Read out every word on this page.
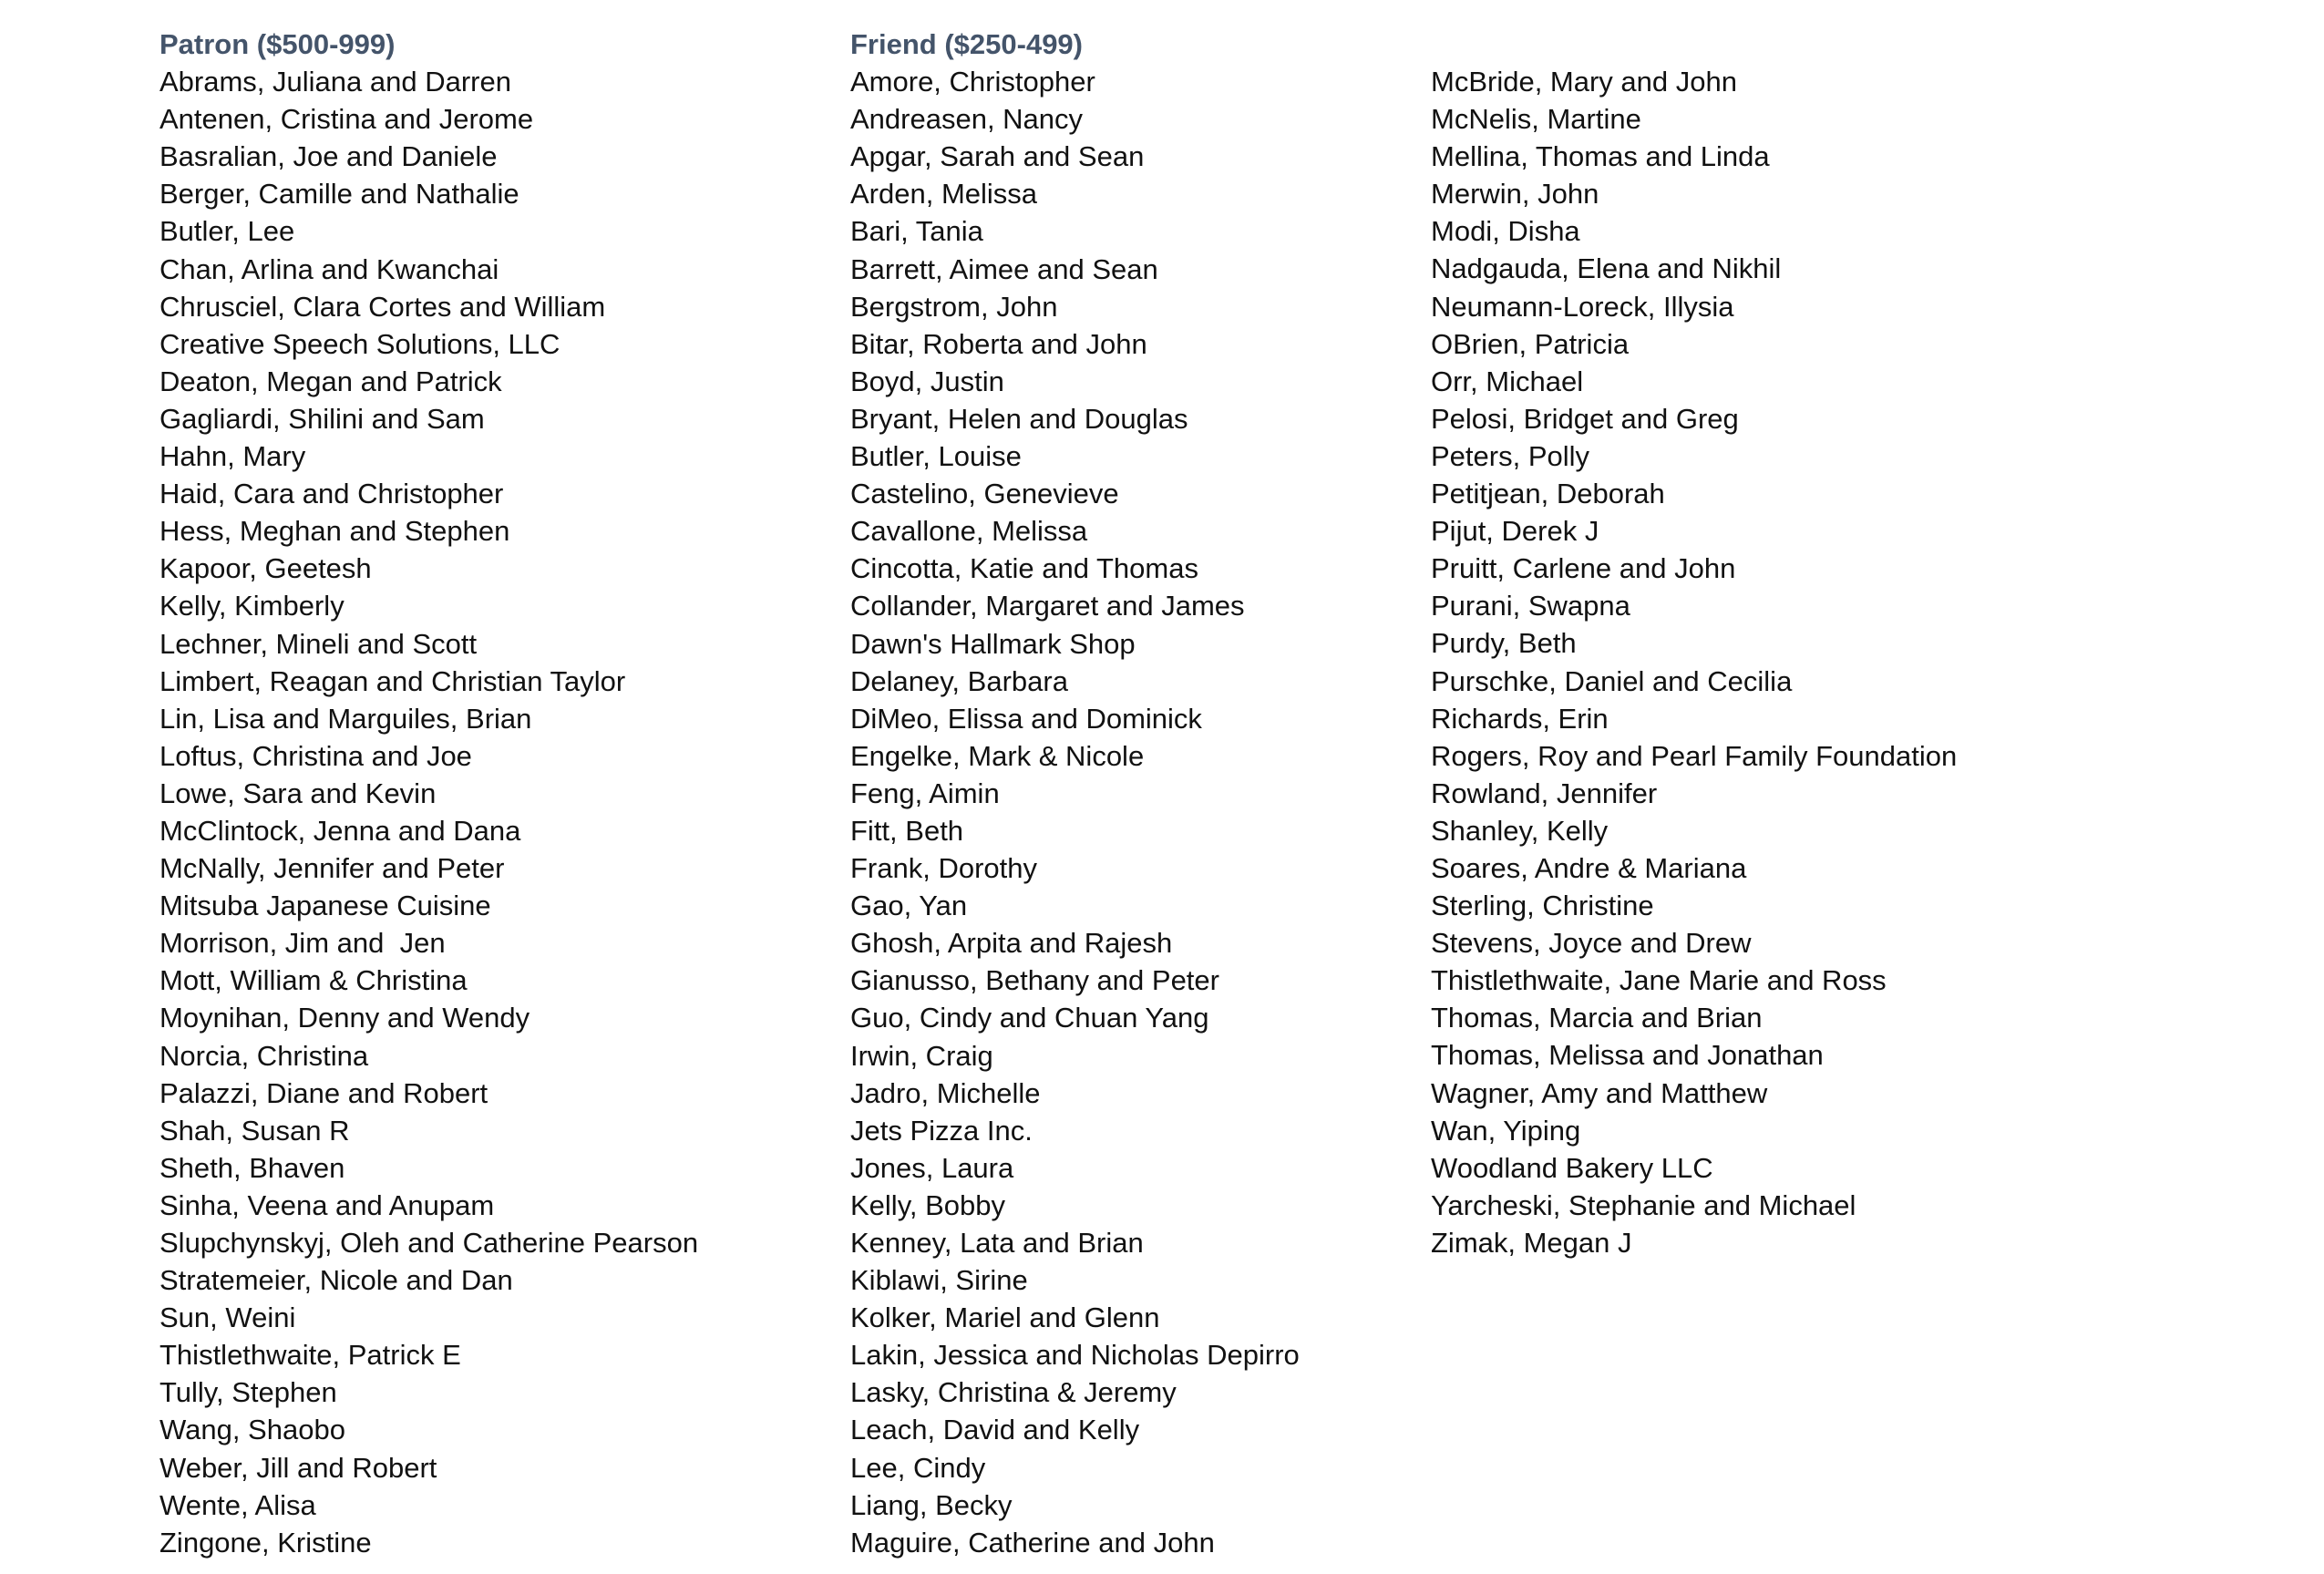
Patron ($500-999)
Abrams, Juliana and Darren
Antenen, Cristina and Jerome
Basralian, Joe and Daniele
Berger, Camille and Nathalie
Butler, Lee
Chan, Arlina and Kwanchai
Chrusciel, Clara Cortes and William
Creative Speech Solutions, LLC
Deaton, Megan and Patrick
Gagliardi, Shilini and Sam
Hahn, Mary
Haid, Cara and Christopher
Hess, Meghan and Stephen
Kapoor, Geetesh
Kelly, Kimberly
Lechner, Mineli and Scott
Limbert, Reagan and Christian Taylor
Lin, Lisa and Marguiles, Brian
Loftus, Christina and Joe
Lowe, Sara and Kevin
McClintock, Jenna and Dana
McNally, Jennifer and Peter
Mitsuba Japanese Cuisine
Morrison, Jim and  Jen
Mott, William & Christina
Moynihan, Denny and Wendy
Norcia, Christina
Palazzi, Diane and Robert
Shah, Susan R
Sheth, Bhaven
Sinha, Veena and Anupam
Slupchynskyj, Oleh and Catherine Pearson
Stratemeier, Nicole and Dan
Sun, Weini
Thistlethwaite, Patrick E
Tully, Stephen
Wang, Shaobo
Weber, Jill and Robert
Wente, Alisa
Zingone, Kristine
Friend ($250-499)
Amore, Christopher
Andreasen, Nancy
Apgar, Sarah and Sean
Arden, Melissa
Bari, Tania
Barrett, Aimee and Sean
Bergstrom, John
Bitar, Roberta and John
Boyd, Justin
Bryant, Helen and Douglas
Butler, Louise
Castelino, Genevieve
Cavallone, Melissa
Cincotta, Katie and Thomas
Collander, Margaret and James
Dawn's Hallmark Shop
Delaney, Barbara
DiMeo, Elissa and Dominick
Engelke, Mark & Nicole
Feng, Aimin
Fitt, Beth
Frank, Dorothy
Gao, Yan
Ghosh, Arpita and Rajesh
Gianusso, Bethany and Peter
Guo, Cindy and Chuan Yang
Irwin, Craig
Jadro, Michelle
Jets Pizza Inc.
Jones, Laura
Kelly, Bobby
Kenney, Lata and Brian
Kiblawi, Sirine
Kolker, Mariel and Glenn
Lakin, Jessica and Nicholas Depirro
Lasky, Christina & Jeremy
Leach, David and Kelly
Lee, Cindy
Liang, Becky
Maguire, Catherine and John
McBride, Mary and John
McNelis, Martine
Mellina, Thomas and Linda
Merwin, John
Modi, Disha
Nadgauda, Elena and Nikhil
Neumann-Loreck, Illysia
OBrien, Patricia
Orr, Michael
Pelosi, Bridget and Greg
Peters, Polly
Petitjean, Deborah
Pijut, Derek J
Pruitt, Carlene and John
Purani, Swapna
Purdy, Beth
Purschke, Daniel and Cecilia
Richards, Erin
Rogers, Roy and Pearl Family Foundation
Rowland, Jennifer
Shanley, Kelly
Soares, Andre & Mariana
Sterling, Christine
Stevens, Joyce and Drew
Thistlethwaite, Jane Marie and Ross
Thomas, Marcia and Brian
Thomas, Melissa and Jonathan
Wagner, Amy and Matthew
Wan, Yiping
Woodland Bakery LLC
Yarcheski, Stephanie and Michael
Zimak, Megan J
